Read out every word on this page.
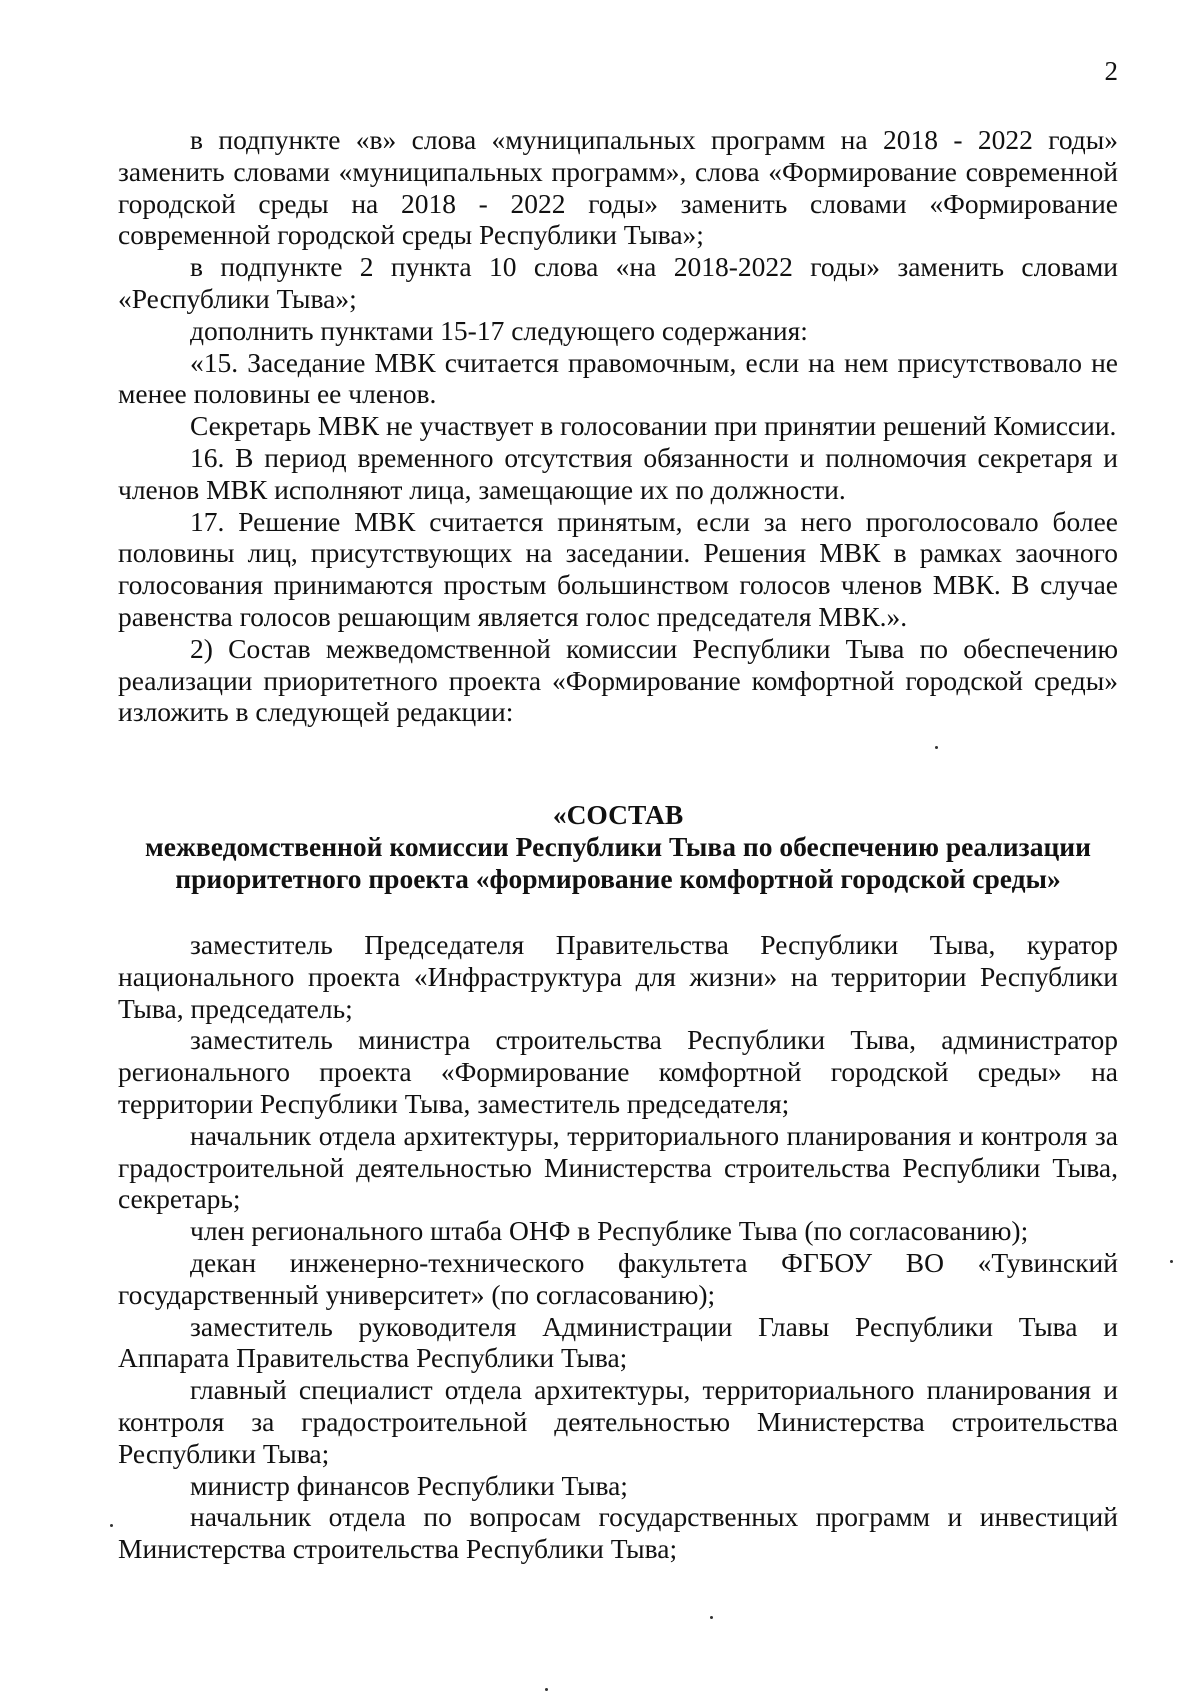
2

в подпункте «в» слова «муниципальных программ на 2018 - 2022 годы» заменить словами «муниципальных программ», слова «Формирование современной городской среды на 2018 - 2022 годы» заменить словами «Формирование современной городской среды Республики Тыва»;

в подпункте 2 пункта 10 слова «на 2018-2022 годы» заменить словами «Республики Тыва»;

дополнить пунктами 15-17 следующего содержания:

«15. Заседание МВК считается правомочным, если на нем присутствовало не менее половины ее членов.

Секретарь МВК не участвует в голосовании при принятии решений Комиссии.

16. В период временного отсутствия обязанности и полномочия секретаря и членов МВК исполняют лица, замещающие их по должности.

17. Решение МВК считается принятым, если за него проголосовало более половины лиц, присутствующих на заседании. Решения МВК в рамках заочного голосования принимаются простым большинством голосов членов МВК. В случае равенства голосов решающим является голос председателя МВК.».

2) Состав межведомственной комиссии Республики Тыва по обеспечению реализации приоритетного проекта «Формирование комфортной городской среды» изложить в следующей редакции:

«СОСТАВ
межведомственной комиссии Республики Тыва по обеспечению реализации
приоритетного проекта «формирование комфортной городской среды»

заместитель Председателя Правительства Республики Тыва, куратор национального проекта «Инфраструктура для жизни» на территории Республики Тыва, председатель;

заместитель министра строительства Республики Тыва, администратор регионального проекта «Формирование комфортной городской среды» на территории Республики Тыва, заместитель председателя;

начальник отдела архитектуры, территориального планирования и контроля за градостроительной деятельностью Министерства строительства Республики Тыва, секретарь;

член регионального штаба ОНФ в Республике Тыва (по согласованию);

декан инженерно-технического факультета ФГБОУ ВО «Тувинский государственный университет» (по согласованию);

заместитель руководителя Администрации Главы Республики Тыва и Аппарата Правительства Республики Тыва;

главный специалист отдела архитектуры, территориального планирования и контроля за градостроительной деятельностью Министерства строительства Республики Тыва;

министр финансов Республики Тыва;

начальник отдела по вопросам государственных программ и инвестиций Министерства строительства Республики Тыва;
